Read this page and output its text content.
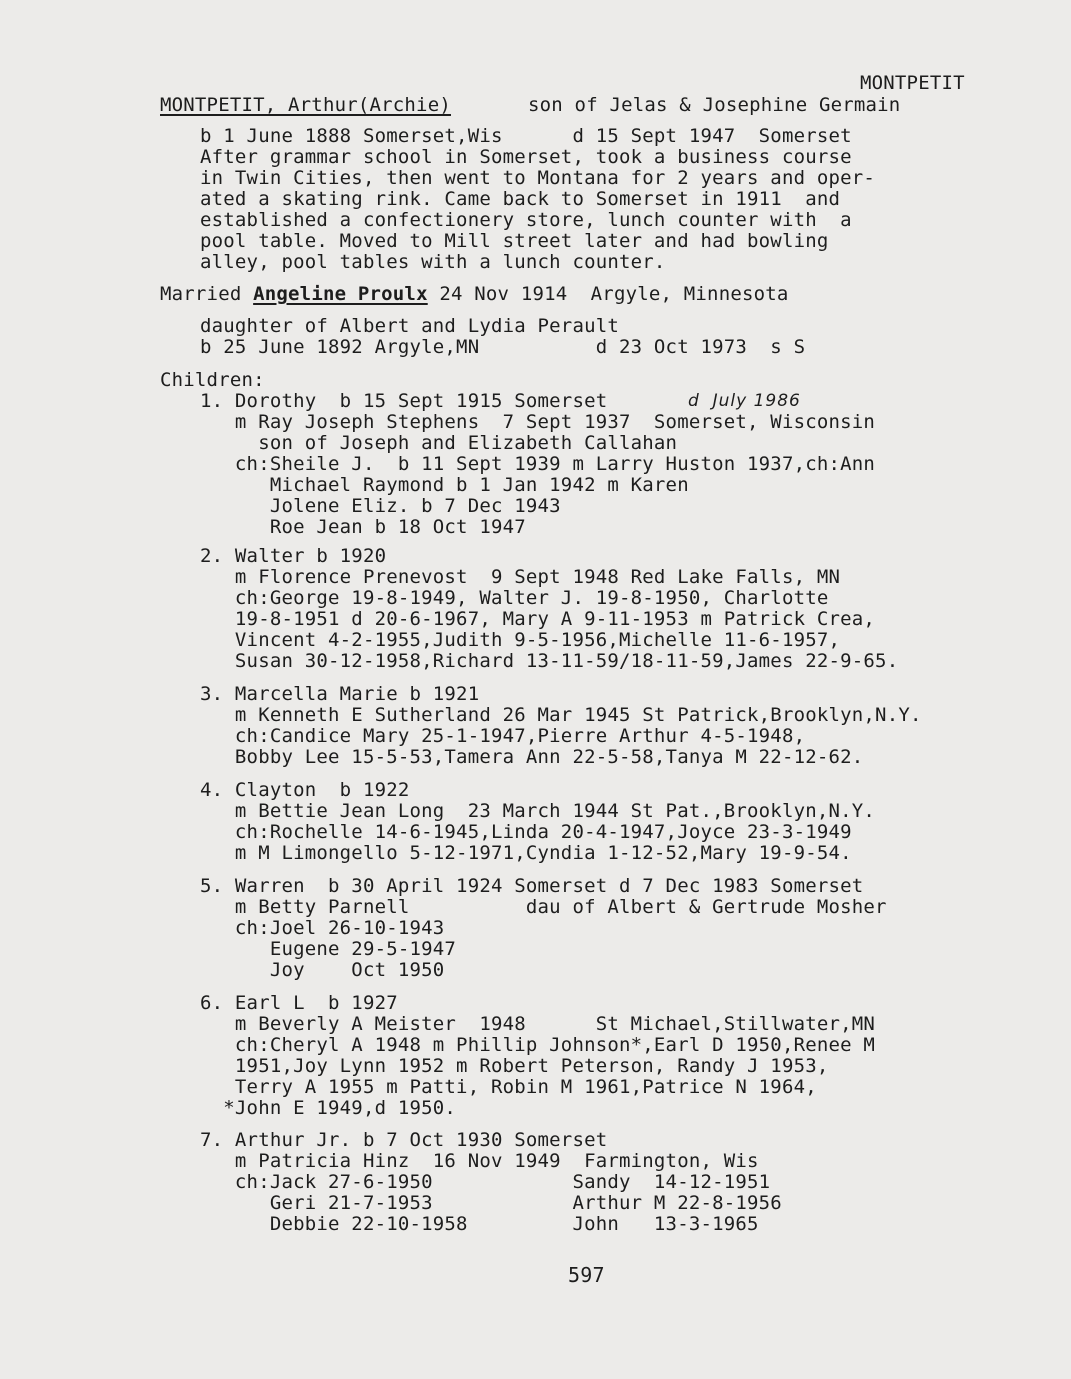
MONTPETIT
MONTPETIT, Arthur(Archie)	son of Jelas & Josephine Germain
b 1 June 1888 Somerset,Wis      d 15 Sept 1947  Somerset
After grammar school in Somerset, took a business course
in Twin Cities, then went to Montana for 2 years and oper-
ated a skating rink. Came back to Somerset in 1911  and
established a confectionery store, lunch counter with  a
pool table. Moved to Mill street later and had bowling
alley, pool tables with a lunch counter.
Married Angeline Proulx 24 Nov 1914  Argyle, Minnesota
daughter of Albert and Lydia Perault
b 25 June 1892 Argyle,MN          d 23 Oct 1973  s S
Children:
1. Dorothy  b 15 Sept 1915 Somerset
m Ray Joseph Stephens  7 Sept 1937  Somerset, Wisconsin
son of Joseph and Elizabeth Callahan
ch:Sheile J.  b 11 Sept 1939 m Larry Huston 1937,ch:Ann
Michael Raymond b 1 Jan 1942 m Karen
Jolene Eliz. b 7 Dec 1943
Roe Jean b 18 Oct 1947
2. Walter b 1920
m Florence Prenevost  9 Sept 1948 Red Lake Falls, MN
ch:George 19-8-1949, Walter J. 19-8-1950, Charlotte
19-8-1951 d 20-6-1967, Mary A 9-11-1953 m Patrick Crea,
Vincent 4-2-1955,Judith 9-5-1956,Michelle 11-6-1957,
Susan 30-12-1958,Richard 13-11-59/18-11-59,James 22-9-65.
3. Marcella Marie b 1921
m Kenneth E Sutherland 26 Mar 1945 St Patrick,Brooklyn,N.Y.
ch:Candice Mary 25-1-1947,Pierre Arthur 4-5-1948,
Bobby Lee 15-5-53,Tamera Ann 22-5-58,Tanya M 22-12-62.
4. Clayton  b 1922
m Bettie Jean Long  23 March 1944 St Pat.,Brooklyn,N.Y.
ch:Rochelle 14-6-1945,Linda 20-4-1947,Joyce 23-3-1949
m M Limongello 5-12-1971,Cyndia 1-12-52,Mary 19-9-54.
5. Warren  b 30 April 1924 Somerset d 7 Dec 1983 Somerset
m Betty Parnell          dau of Albert & Gertrude Mosher
ch:Joel 26-10-1943
Eugene 29-5-1947
Joy    Oct 1950
6. Earl L  b 1927
m Beverly A Meister  1948      St Michael,Stillwater,MN
ch:Cheryl A 1948 m Phillip Johnson*,Earl D 1950,Renee M
1951,Joy Lynn 1952 m Robert Peterson, Randy J 1953,
Terry A 1955 m Patti, Robin M 1961,Patrice N 1964,
*John E 1949,d 1950.
7. Arthur Jr. b 7 Oct 1930 Somerset
m Patricia Hinz  16 Nov 1949  Farmington, Wis
ch:Jack 27-6-1950            Sandy  14-12-1951
Geri 21-7-1953            Arthur M 22-8-1956
Debbie 22-10-1958         John   13-3-1965
d  July 1986
597
